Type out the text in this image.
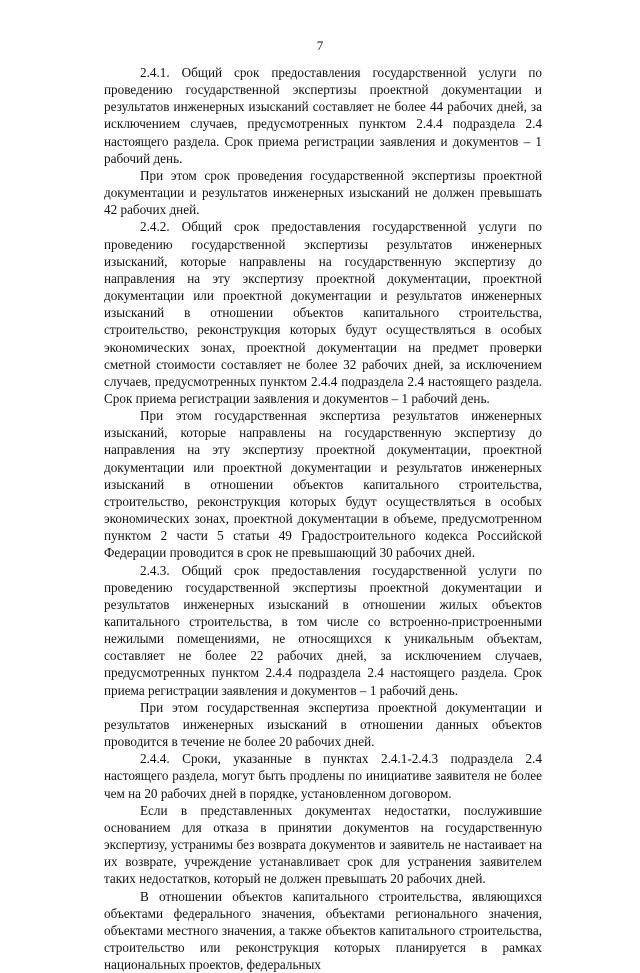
7

2.4.1. Общий срок предоставления государственной услуги по проведению государственной экспертизы проектной документации и результатов инженерных изысканий составляет не более 44 рабочих дней, за исключением случаев, предусмотренных пунктом 2.4.4 подраздела 2.4 настоящего раздела. Срок приема регистрации заявления и документов – 1 рабочий день.

При этом срок проведения государственной экспертизы проектной документации и результатов инженерных изысканий не должен превышать 42 рабочих дней.

2.4.2. Общий срок предоставления государственной услуги по проведению государственной экспертизы результатов инженерных изысканий, которые направлены на государственную экспертизу до направления на эту экспертизу проектной документации, проектной документации или проектной документации и результатов инженерных изысканий в отношении объектов капитального строительства, строительство, реконструкция которых будут осуществляться в особых экономических зонах, проектной документации на предмет проверки сметной стоимости составляет не более 32 рабочих дней, за исключением случаев, предусмотренных пунктом 2.4.4 подраздела 2.4 настоящего раздела. Срок приема регистрации заявления и документов – 1 рабочий день.

При этом государственная экспертиза результатов инженерных изысканий, которые направлены на государственную экспертизу до направления на эту экспертизу проектной документации, проектной документации или проектной документации и результатов инженерных изысканий в отношении объектов капитального строительства, строительство, реконструкция которых будут осуществляться в особых экономических зонах, проектной документации в объеме, предусмотренном пунктом 2 части 5 статьи 49 Градостроительного кодекса Российской Федерации проводится в срок не превышающий 30 рабочих дней.

2.4.3. Общий срок предоставления государственной услуги по проведению государственной экспертизы проектной документации и результатов инженерных изысканий в отношении жилых объектов капитального строительства, в том числе со встроенно-пристроенными нежилыми помещениями, не относящихся к уникальным объектам, составляет не более 22 рабочих дней, за исключением случаев, предусмотренных пунктом 2.4.4 подраздела 2.4 настоящего раздела. Срок приема регистрации заявления и документов – 1 рабочий день.

При этом государственная экспертиза проектной документации и результатов инженерных изысканий в отношении данных объектов проводится в течение не более 20 рабочих дней.

2.4.4. Сроки, указанные в пунктах 2.4.1-2.4.3 подраздела 2.4 настоящего раздела, могут быть продлены по инициативе заявителя не более чем на 20 рабочих дней в порядке, установленном договором.

Если в представленных документах недостатки, послужившие основанием для отказа в принятии документов на государственную экспертизу, устранимы без возврата документов и заявитель не настаивает на их возврате, учреждение устанавливает срок для устранения заявителем таких недостатков, который не должен превышать 20 рабочих дней.

В отношении объектов капитального строительства, являющихся объектами федерального значения, объектами регионального значения, объектами местного значения, а также объектов капитального строительства, строительство или реконструкция которых планируется в рамках национальных проектов, федеральных
